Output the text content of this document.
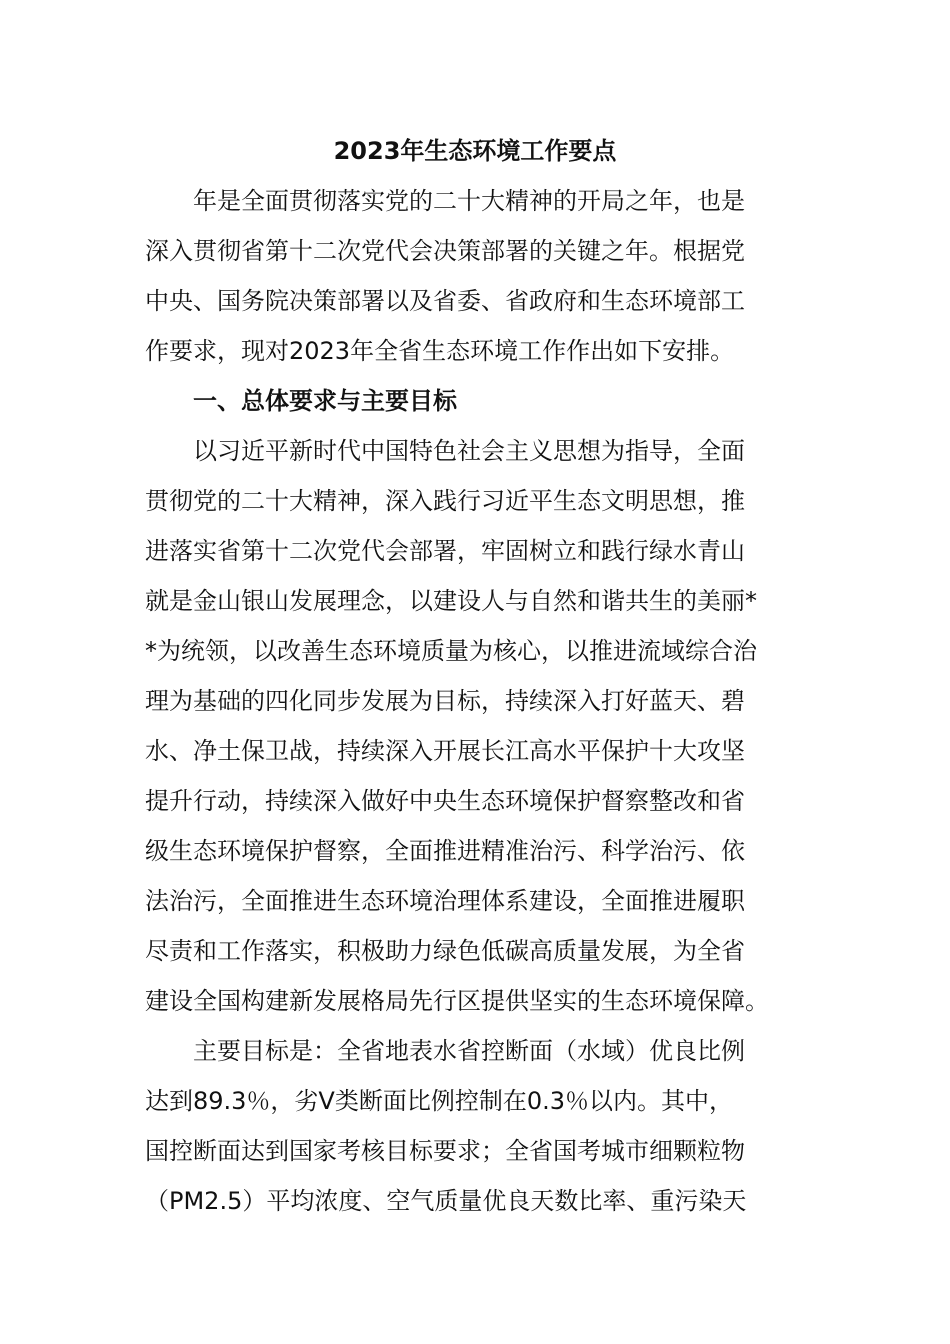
2023年生态环境工作要点

年是全面贯彻落实党的二十大精神的开局之年，也是
深入贯彻省第十二次党代会决策部署的关键之年。根据党
中央、国务院决策部署以及省委、省政府和生态环境部工
作要求，现对2023年全省生态环境工作作出如下安排。

一、总体要求与主要目标

以习近平新时代中国特色社会主义思想为指导，全面
贯彻党的二十大精神，深入践行习近平生态文明思想，推
进落实省第十二次党代会部署，牢固树立和践行绿水青山
就是金山银山发展理念，以建设人与自然和谐共生的美丽*
*为统领，以改善生态环境质量为核心，以推进流域综合治
理为基础的四化同步发展为目标，持续深入打好蓝天、碧
水、净土保卫战，持续深入开展长江高水平保护十大攻坚
提升行动，持续深入做好中央生态环境保护督察整改和省
级生态环境保护督察，全面推进精准治污、科学治污、依
法治污，全面推进生态环境治理体系建设，全面推进履职
尽责和工作落实，积极助力绿色低碳高质量发展，为全省
建设全国构建新发展格局先行区提供坚实的生态环境保障。

主要目标是：全省地表水省控断面（水域）优良比例
达到89.3％，劣Ⅴ类断面比例控制在0.3％以内。其中，
国控断面达到国家考核目标要求；全省国考城市细颗粒物
（PM2.5）平均浓度、空气质量优良天数比率、重污染天
